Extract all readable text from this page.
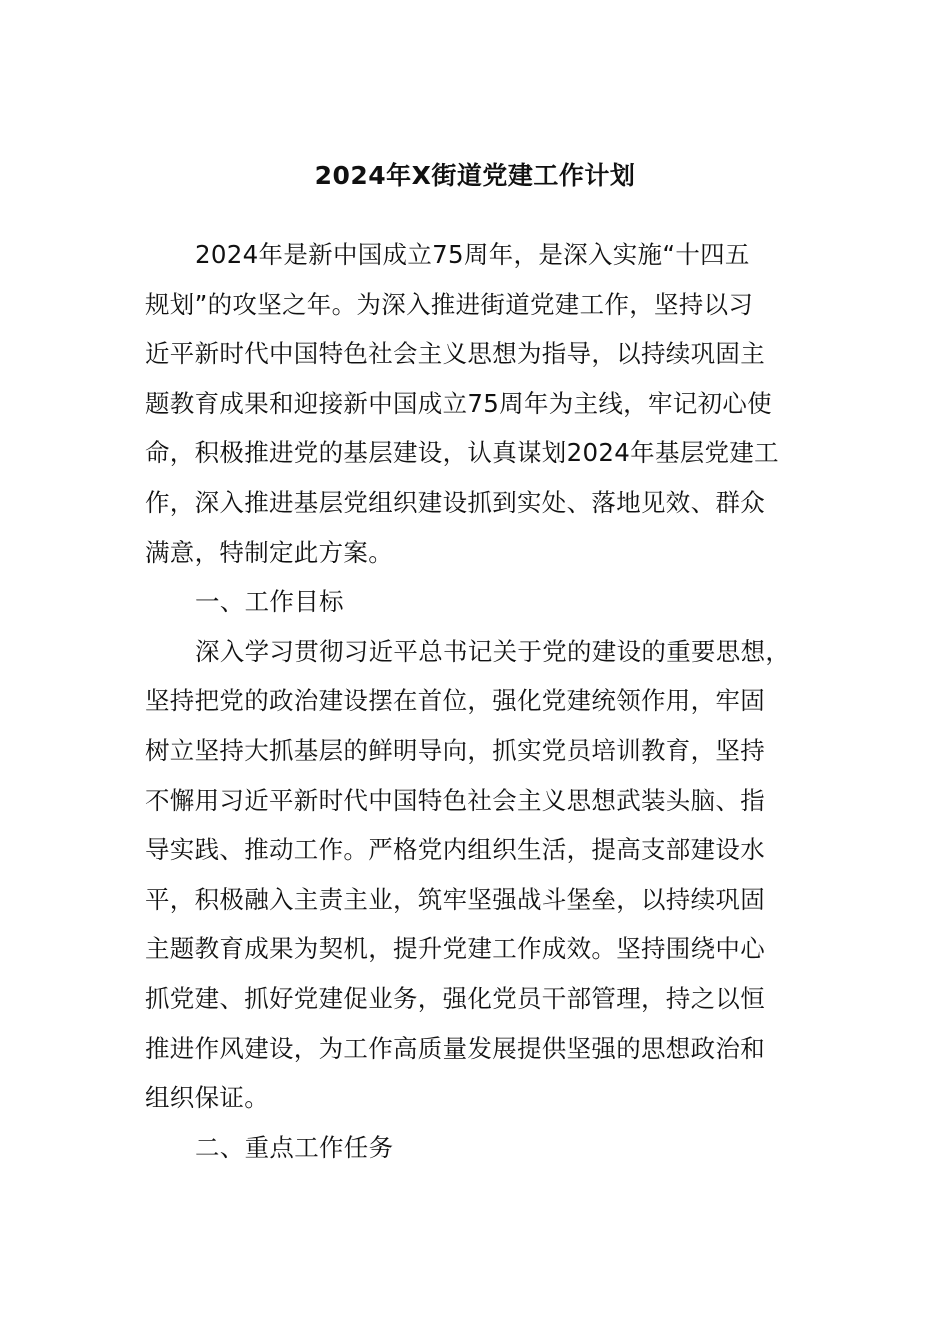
2024年X街道党建工作计划
2024年是新中国成立75周年，是深入实施“十四五
规划”的攻坚之年。为深入推进街道党建工作，坚持以习
近平新时代中国特色社会主义思想为指导，以持续巩固主
题教育成果和迎接新中国成立75周年为主线，牢记初心使
命，积极推进党的基层建设，认真谋划2024年基层党建工
作，深入推进基层党组织建设抓到实处、落地见效、群众
满意，特制定此方案。
一、工作目标
深入学习贯彻习近平总书记关于党的建设的重要思想，
坚持把党的政治建设摆在首位，强化党建统领作用，牢固
树立坚持大抓基层的鲜明导向，抓实党员培训教育，坚持
不懈用习近平新时代中国特色社会主义思想武装头脑、指
导实践、推动工作。严格党内组织生活，提高支部建设水
平，积极融入主责主业，筑牢坚强战斗堡垒，以持续巩固
主题教育成果为契机，提升党建工作成效。坚持围绕中心
抓党建、抓好党建促业务，强化党员干部管理，持之以恒
推进作风建设，为工作高质量发展提供坚强的思想政治和
组织保证。
二、重点工作任务
